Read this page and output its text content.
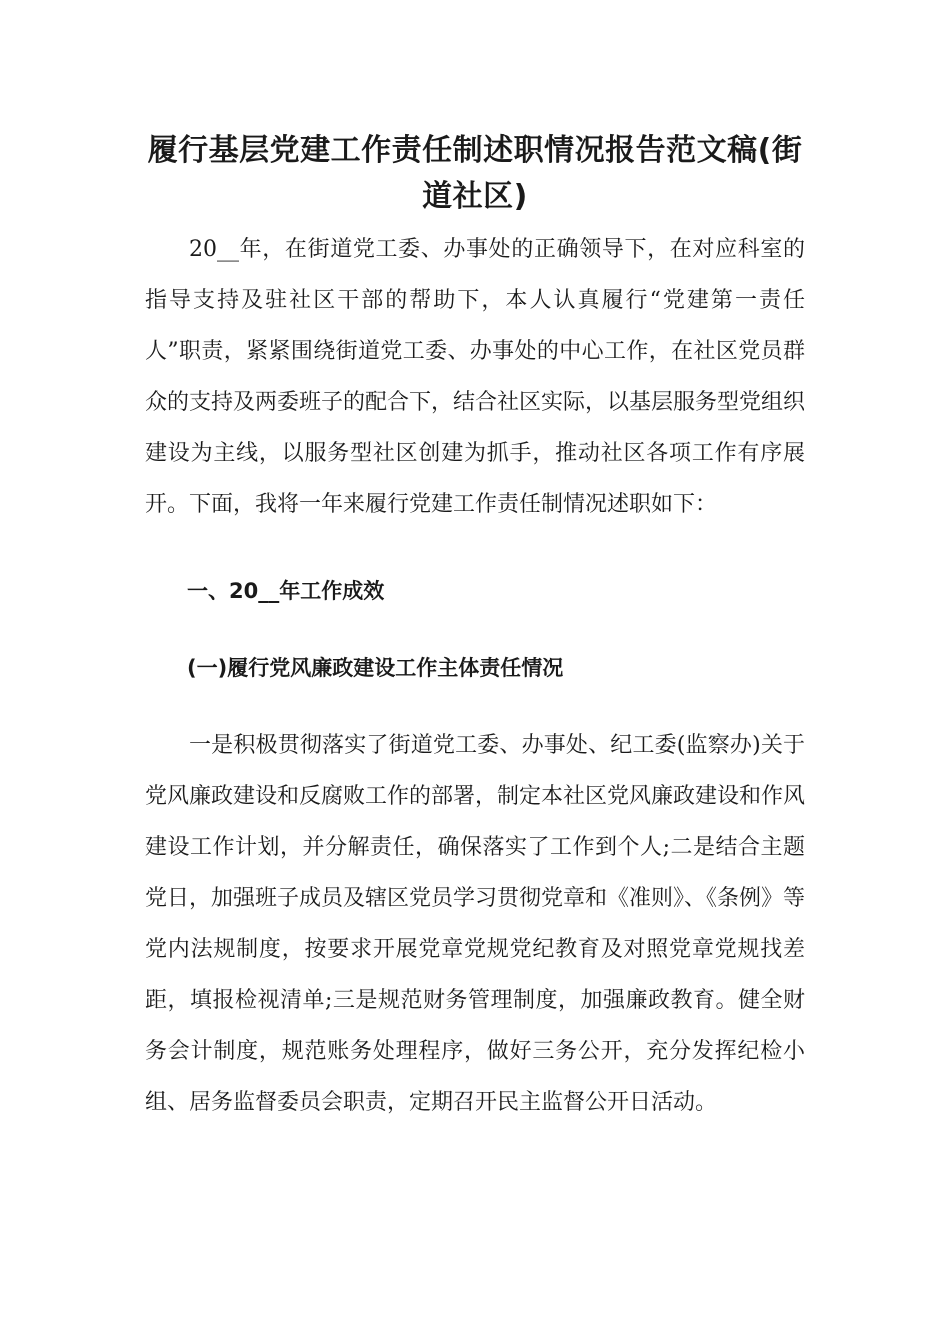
履行基层党建工作责任制述职情况报告范文稿(街道社区)

20__年，在街道党工委、办事处的正确领导下，在对应科室的指导支持及驻社区干部的帮助下，本人认真履行“党建第一责任人”职责，紧紧围绕街道党工委、办事处的中心工作，在社区党员群众的支持及两委班子的配合下，结合社区实际，以基层服务型党组织建设为主线，以服务型社区创建为抓手，推动社区各项工作有序展开。下面，我将一年来履行党建工作责任制情况述职如下：

一、20__年工作成效
(一)履行党风廉政建设工作主体责任情况

一是积极贯彻落实了街道党工委、办事处、纪工委(监察办)关于党风廉政建设和反腐败工作的部署，制定本社区党风廉政建设和作风建设工作计划，并分解责任，确保落实了工作到个人;二是结合主题党日，加强班子成员及辖区党员学习贯彻党章和《准则》、《条例》等党内法规制度，按要求开展党章党规党纪教育及对照党章党规找差距，填报检视清单;三是规范财务管理制度，加强廉政教育。健全财务会计制度，规范账务处理程序，做好三务公开，充分发挥纪检小组、居务监督委员会职责，定期召开民主监督公开日活动。
